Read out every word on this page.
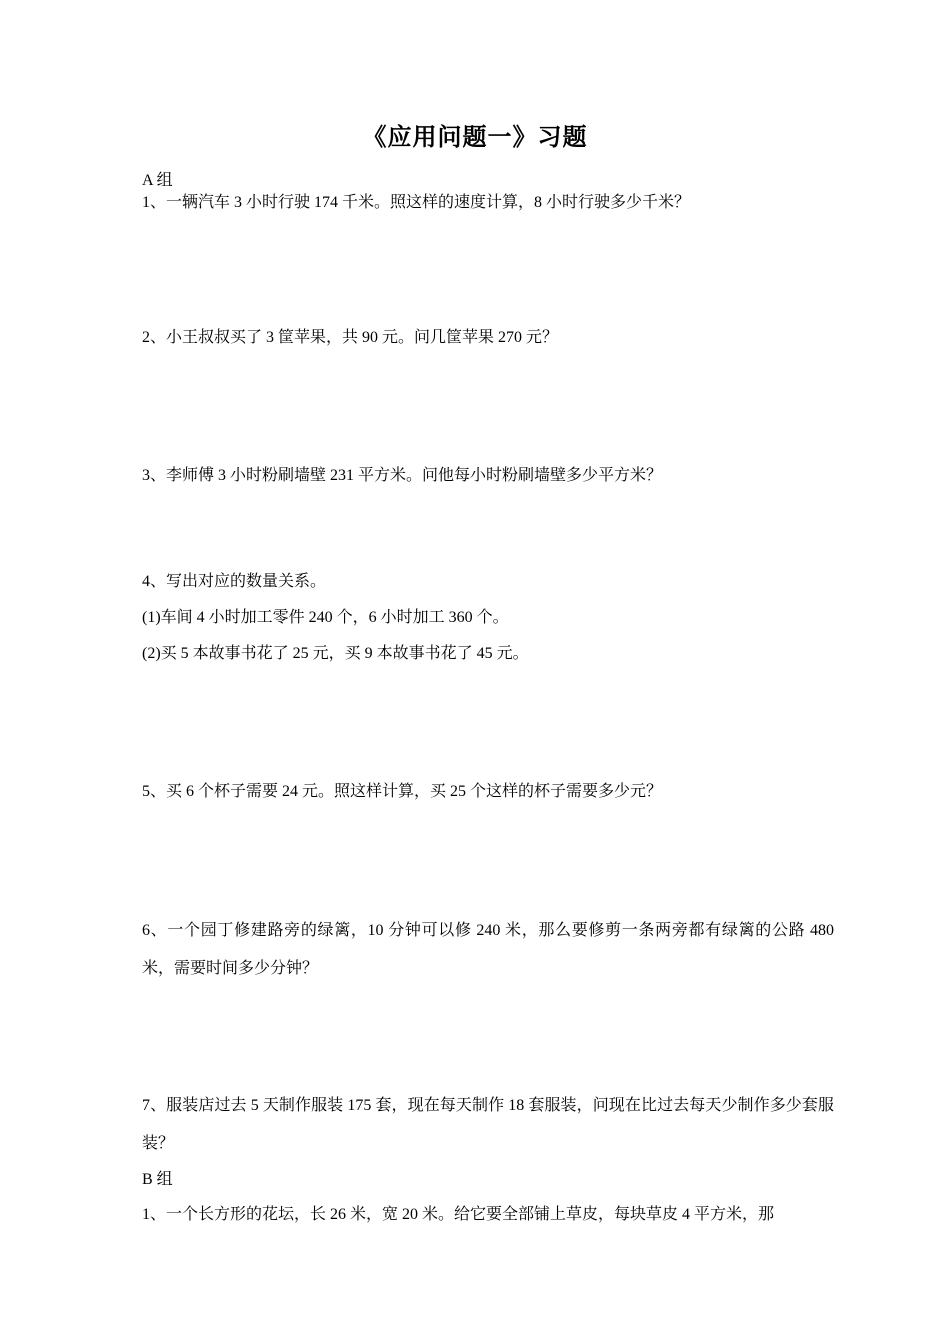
《应用问题一》习题

A 组

1、一辆汽车 3 小时行驶 174 千米。照这样的速度计算，8 小时行驶多少千米？

2、小王叔叔买了 3 筐苹果，共 90 元。问几筐苹果 270 元？

3、李师傅 3 小时粉刷墙壁 231 平方米。问他每小时粉刷墙壁多少平方米？

4、写出对应的数量关系。

(1)车间 4 小时加工零件 240 个，6 小时加工 360 个。

(2)买 5 本故事书花了 25 元，买 9 本故事书花了 45 元。

5、买 6 个杯子需要 24 元。照这样计算，买 25 个这样的杯子需要多少元？

6、一个园丁修建路旁的绿篱，10 分钟可以修 240 米，那么要修剪一条两旁都有绿篱的公路 480 米，需要时间多少分钟？

7、服装店过去 5 天制作服装 175 套，现在每天制作 18 套服装，问现在比过去每天少制作多少套服装？

B 组

1、一个长方形的花坛，长 26 米，宽 20 米。给它要全部铺上草皮，每块草皮 4 平方米，那
